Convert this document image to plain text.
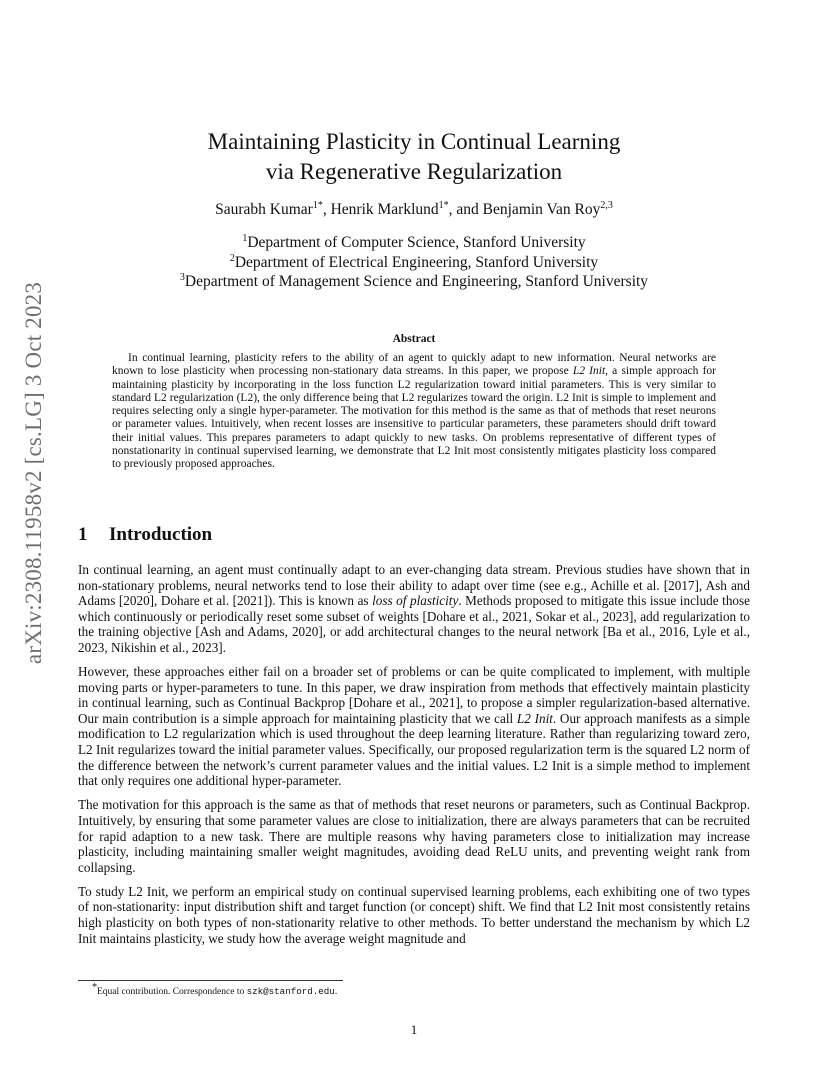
arXiv:2308.11958v2 [cs.LG] 3 Oct 2023
Maintaining Plasticity in Continual Learning
via Regenerative Regularization
Saurabh Kumar$^{1*}$, Henrik Marklund$^{1*}$, and Benjamin Van Roy$^{2,3}$
$^1$Department of Computer Science, Stanford University
$^2$Department of Electrical Engineering, Stanford University
$^3$Department of Management Science and Engineering, Stanford University
Abstract
In continual learning, plasticity refers to the ability of an agent to quickly adapt to new information. Neural networks are known to lose plasticity when processing non-stationary data streams. In this paper, we propose L2 Init, a simple approach for maintaining plasticity by incorporating in the loss function L2 regularization toward initial parameters. This is very similar to standard L2 regularization (L2), the only difference being that L2 regularizes toward the origin. L2 Init is simple to implement and requires selecting only a single hyper-parameter. The motivation for this method is the same as that of methods that reset neurons or parameter values. Intuitively, when recent losses are insensitive to particular parameters, these parameters should drift toward their initial values. This prepares parameters to adapt quickly to new tasks. On problems representative of different types of nonstationarity in continual supervised learning, we demonstrate that L2 Init most consistently mitigates plasticity loss compared to previously proposed approaches.
1 Introduction

In continual learning, an agent must continually adapt to an ever-changing data stream. Previous studies have shown that in non-stationary problems, neural networks tend to lose their ability to adapt over time (see e.g., Achille et al. [2017], Ash and Adams [2020], Dohare et al. [2021]). This is known as loss of plasticity. Methods proposed to mitigate this issue include those which continuously or periodically reset some subset of weights [Dohare et al., 2021, Sokar et al., 2023], add regularization to the training objective [Ash and Adams, 2020], or add architectural changes to the neural network [Ba et al., 2016, Lyle et al., 2023, Nikishin et al., 2023].

However, these approaches either fail on a broader set of problems or can be quite complicated to implement, with multiple moving parts or hyper-parameters to tune. In this paper, we draw inspiration from methods that effectively maintain plasticity in continual learning, such as Continual Backprop [Dohare et al., 2021], to propose a simpler regularization-based alternative. Our main contribution is a simple approach for maintaining plasticity that we call L2 Init. Our approach manifests as a simple modification to L2 regularization which is used throughout the deep learning literature. Rather than regularizing toward zero, L2 Init regularizes toward the initial parameter values. Specifically, our proposed regularization term is the squared L2 norm of the difference between the network’s current parameter values and the initial values. L2 Init is a simple method to implement that only requires one additional hyper-parameter.

The motivation for this approach is the same as that of methods that reset neurons or parameters, such as Continual Backprop. Intuitively, by ensuring that some parameter values are close to initialization, there are always parameters that can be recruited for rapid adaption to a new task. There are multiple reasons why having parameters close to initialization may increase plasticity, including maintaining smaller weight magnitudes, avoiding dead ReLU units, and preventing weight rank from collapsing.

To study L2 Init, we perform an empirical study on continual supervised learning problems, each exhibiting one of two types of non-stationarity: input distribution shift and target function (or concept) shift. We find that L2 Init most consistently retains high plasticity on both types of non-stationarity relative to other methods. To better understand the mechanism by which L2 Init maintains plasticity, we study how the average weight magnitude and

*Equal contribution. Correspondence to szk@stanford.edu.
1
